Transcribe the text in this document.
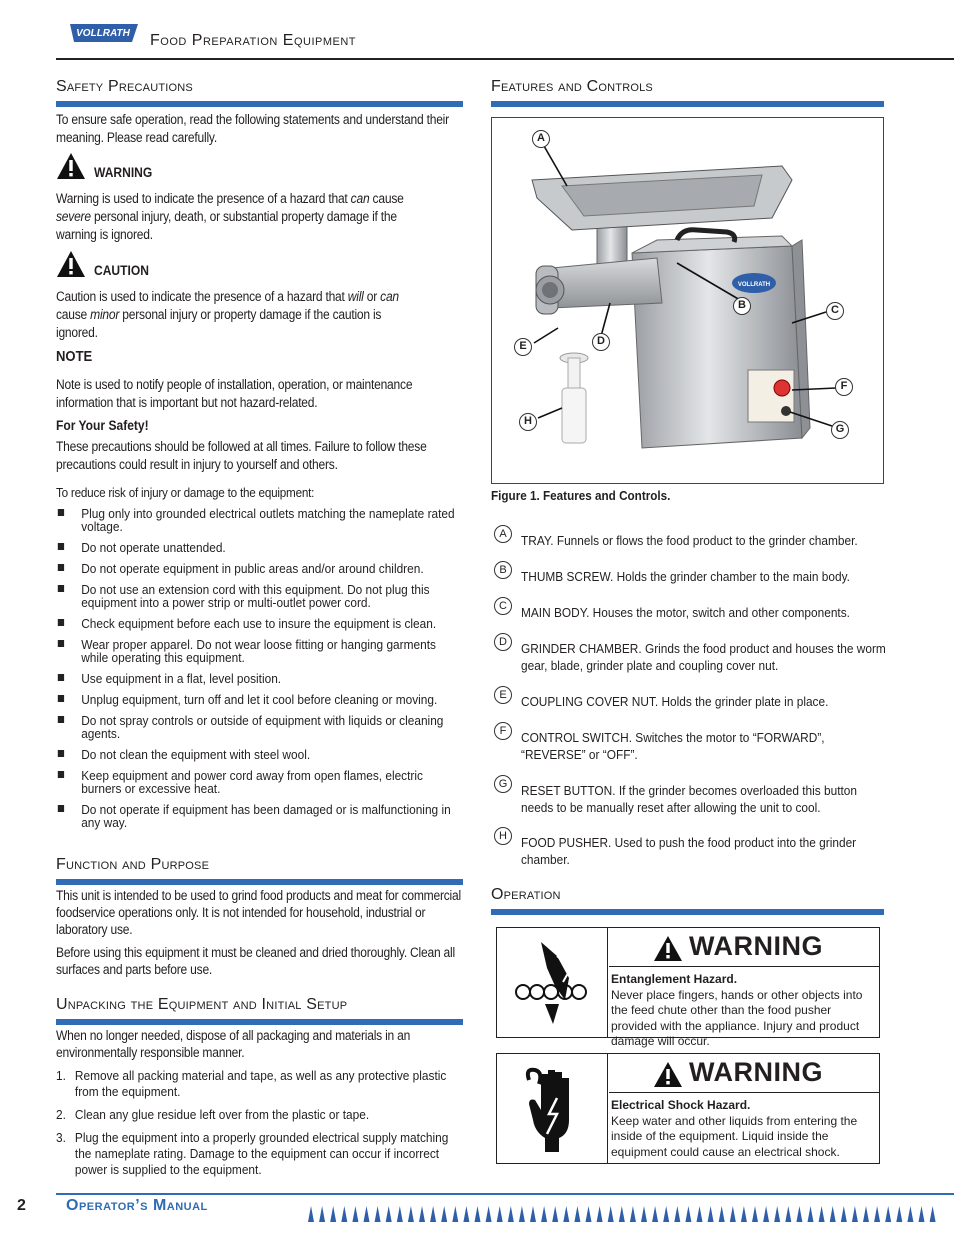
VOLLRATH Food Preparation Equipment
Safety Precautions
To ensure safe operation, read the following statements and understand their meaning. Please read carefully.
WARNING
Warning is used to indicate the presence of a hazard that can cause
severe personal injury, death, or substantial property damage if the
warning is ignored.
CAUTION
Caution is used to indicate the presence of a hazard that will or can
cause minor personal injury or property damage if the caution is
ignored.
NOTE
Note is used to notify people of installation, operation, or maintenance information that is important but not hazard-related.
For Your Safety!
These precautions should be followed at all times. Failure to follow these precautions could result in injury to yourself and others.
To reduce risk of injury or damage to the equipment:
Plug only into grounded electrical outlets matching the nameplate rated voltage.
Do not operate unattended.
Do not operate equipment in public areas and/or around children.
Do not use an extension cord with this equipment. Do not plug this equipment into a power strip or multi-outlet power cord.
Check equipment before each use to insure the equipment is clean.
Wear proper apparel. Do not wear loose fitting or hanging garments while operating this equipment.
Use equipment in a flat, level position.
Unplug equipment, turn off and let it cool before cleaning or moving.
Do not spray controls or outside of equipment with liquids or cleaning agents.
Do not clean the equipment with steel wool.
Keep equipment and power cord away from open flames, electric burners or excessive heat.
Do not operate if equipment has been damaged or is malfunctioning in any way.
Function and Purpose
This unit is intended to be used to grind food products and meat for commercial foodservice operations only. It is not intended for household, industrial or laboratory use.
Before using this equipment it must be cleaned and dried thoroughly. Clean all surfaces and parts before use.
Unpacking the Equipment and Initial Setup
When no longer needed, dispose of all packaging and materials in an environmentally responsible manner.
1. Remove all packing material and tape, as well as any protective plastic from the equipment.
2. Clean any glue residue left over from the plastic or tape.
3. Plug the equipment into a properly grounded electrical supply matching the nameplate rating. Damage to the equipment can occur if incorrect power is supplied to the equipment.
Features and Controls
VOLLRATH
A
B	C
D
E
F
G
H
Figure 1. Features and Controls.
A	TRAY. Funnels or flows the food product to the grinder chamber.
B	THUMB SCREW. Holds the grinder chamber to the main body.
C	MAIN BODY. Houses the motor, switch and other components.
D	GRINDER CHAMBER. Grinds the food product and houses the worm gear, blade, grinder plate and coupling cover nut.
E	COUPLING COVER NUT. Holds the grinder plate in place.
F	CONTROL SWITCH. Switches the motor to “FORWARD”, “REVERSE” or “OFF”.
G	RESET BUTTON. If the grinder becomes overloaded this button needs to be manually reset after allowing the unit to cool.
H	FOOD PUSHER. Used to push the food product into the grinder chamber.
Operation
WARNING
Entanglement Hazard.
Never place fingers, hands or other objects into the feed chute other than the food pusher provided with the appliance. Injury and product damage will occur.
WARNING
Electrical Shock Hazard.
Keep water and other liquids from entering the inside of the equipment. Liquid inside the equipment could cause an electrical shock.
2	Operator’s Manual
